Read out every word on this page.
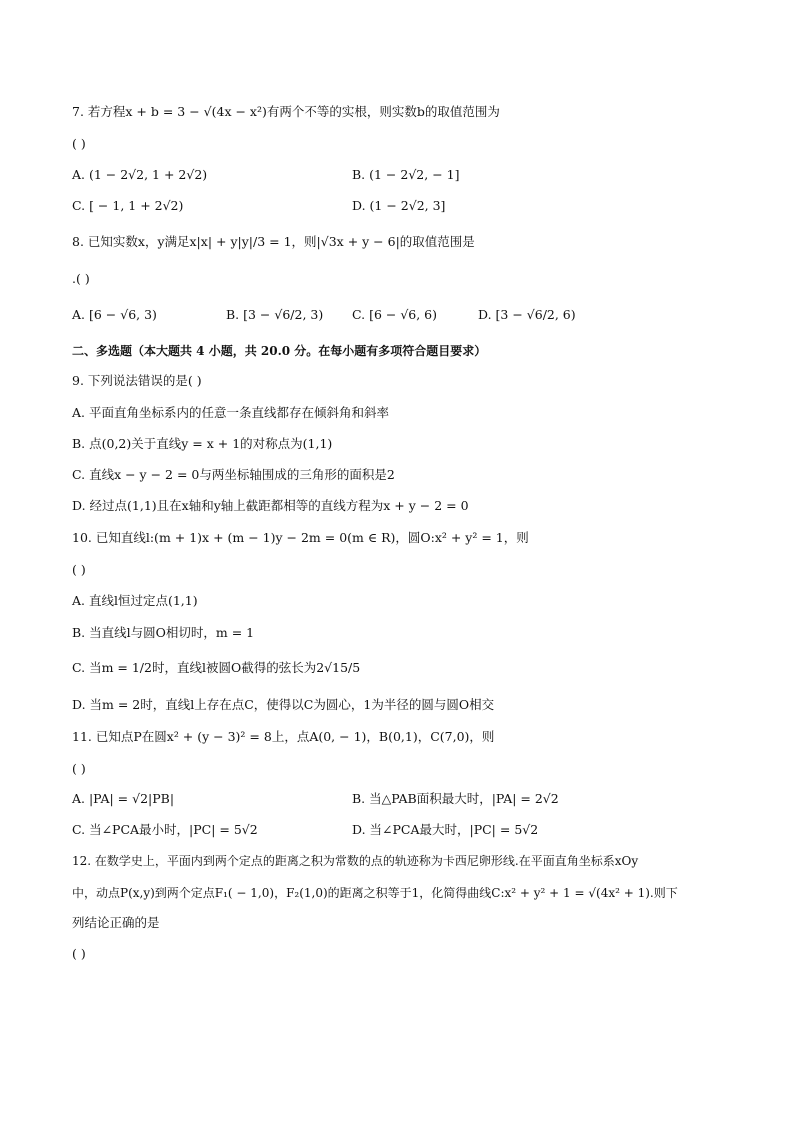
7. 若方程x + b = 3 − √(4x − x²)有两个不等的实根，则实数b的取值范围为
( )
A. (1 − 2√2, 1 + 2√2)	B. (1 − 2√2, − 1]
C. [ − 1, 1 + 2√2)	D. (1 − 2√2, 3]
8. 已知实数x，y满足x|x| + y|y|/3 = 1，则|√3x + y − 6|的取值范围是
.( )
A. [6 − √6, 3)	B. [3 − √6/2, 3) C. [6 − √6, 6)	D. [3 − √6/2, 6)
二、多选题（本大题共 4 小题，共 20.0 分。在每小题有多项符合题目要求）
9. 下列说法错误的是( )
A. 平面直角坐标系内的任意一条直线都存在倾斜角和斜率
B. 点(0,2)关于直线y = x + 1的对称点为(1,1)
C. 直线x − y − 2 = 0与两坐标轴围成的三角形的面积是2
D. 经过点(1,1)且在x轴和y轴上截距都相等的直线方程为x + y − 2 = 0
10. 已知直线l:(m + 1)x + (m − 1)y − 2m = 0(m ∈ R)，圆O:x² + y² = 1，则
( )
A. 直线l恒过定点(1,1)
B. 当直线l与圆O相切时，m = 1
C. 当m = 1/2时，直线l被圆O截得的弦长为2√15/5
D. 当m = 2时，直线l上存在点C，使得以C为圆心，1为半径的圆与圆O相交
11. 已知点P在圆x² + (y − 3)² = 8上，点A(0, − 1)，B(0,1)，C(7,0)，则
( )
A. |PA| = √2|PB|	B. 当△PAB面积最大时，|PA| = 2√2
C. 当∠PCA最小时，|PC| = 5√2	D. 当∠PCA最大时，|PC| = 5√2
12. 在数学史上，平面内到两个定点的距离之积为常数的点的轨迹称为卡西尼卵形线.在平面直角坐标系xOy
中，动点P(x,y)到两个定点F₁( − 1,0)，F₂(1,0)的距离之积等于1，化简得曲线C:x² + y² + 1 = √(4x² + 1).则下
列结论正确的是
( )
